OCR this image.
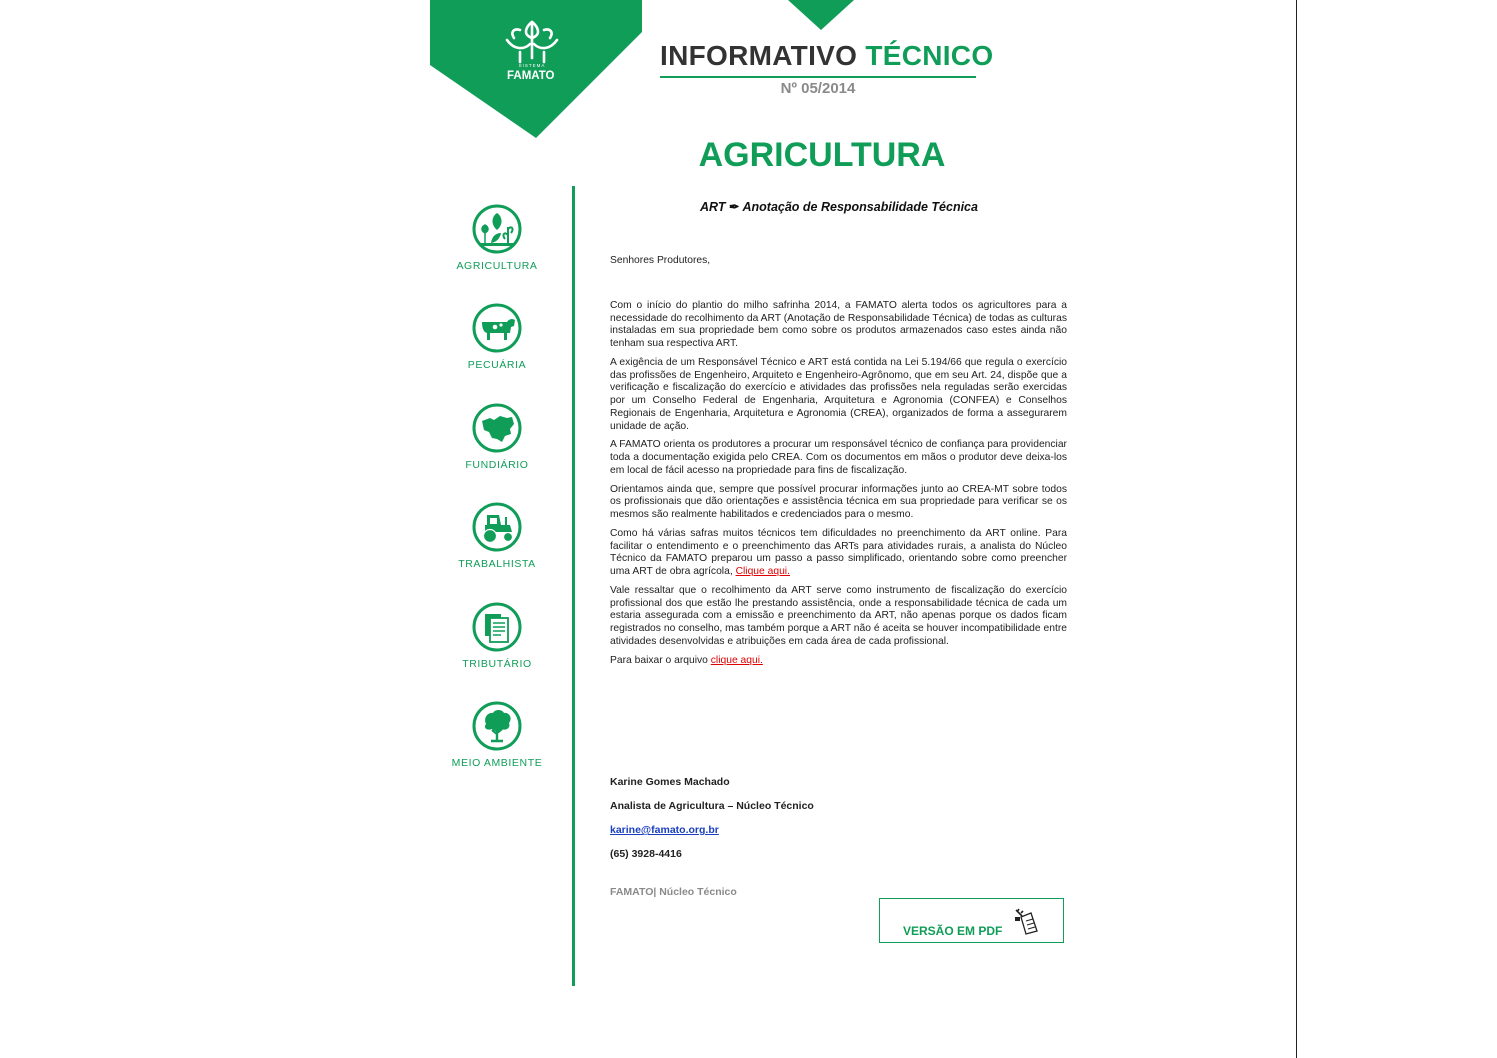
SISTEMA
FAMATO
INFORMATIVO TÉCNICO
Nº 05/2014
AGRICULTURA
AGRICULTURA
PECUÁRIA
FUNDIÁRIO
TRABALHISTA
TRIBUTÁRIO
MEIO AMBIENTE
ART ✒ Anotação de Responsabilidade Técnica

Senhores Produtores,

Com o início do plantio do milho safrinha 2014, a FAMATO alerta todos os agricultores para a necessidade do recolhimento da ART (Anotação de Responsabilidade Técnica) de todas as culturas instaladas em sua propriedade bem como sobre os produtos armazenados caso estes ainda não tenham sua respectiva ART.

A exigência de um Responsável Técnico e ART está contida na Lei 5.194/66 que regula o exercício das profissões de Engenheiro, Arquiteto e Engenheiro-Agrônomo, que em seu Art. 24, dispõe que a verificação e fiscalização do exercício e atividades das profissões nela reguladas serão exercidas por um Conselho Federal de Engenharia, Arquitetura e Agronomia (CONFEA) e Conselhos Regionais de Engenharia, Arquitetura e Agronomia (CREA), organizados de forma a assegurarem unidade de ação.

A FAMATO orienta os produtores a procurar um responsável técnico de confiança para providenciar toda a documentação exigida pelo CREA. Com os documentos em mãos o produtor deve deixa-los em local de fácil acesso na propriedade para fins de fiscalização.

Orientamos ainda que, sempre que possível procurar informações junto ao CREA-MT sobre todos os profissionais que dão orientações e assistência técnica em sua propriedade para verificar se os mesmos são realmente habilitados e credenciados para o mesmo.

Como há várias safras muitos técnicos tem dificuldades no preenchimento da ART online. Para facilitar o entendimento e o preenchimento das ARTs para atividades rurais, a analista do Núcleo Técnico da FAMATO preparou um passo a passo simplificado, orientando sobre como preencher uma ART de obra agrícola, Clique aqui.

Vale ressaltar que o recolhimento da ART serve como instrumento de fiscalização do exercício profissional dos que estão lhe prestando assistência, onde a responsabilidade técnica de cada um estaria assegurada com a emissão e preenchimento da ART, não apenas porque os dados ficam registrados no conselho, mas também porque a ART não é aceita se houver incompatibilidade entre atividades desenvolvidas e atribuições em cada área de cada profissional.

Para baixar o arquivo clique aqui.

Karine Gomes Machado
Analista de Agricultura – Núcleo Técnico
karine@famato.org.br
(65) 3928-4416
FAMATO| Núcleo Técnico
VERSÃO EM PDF
